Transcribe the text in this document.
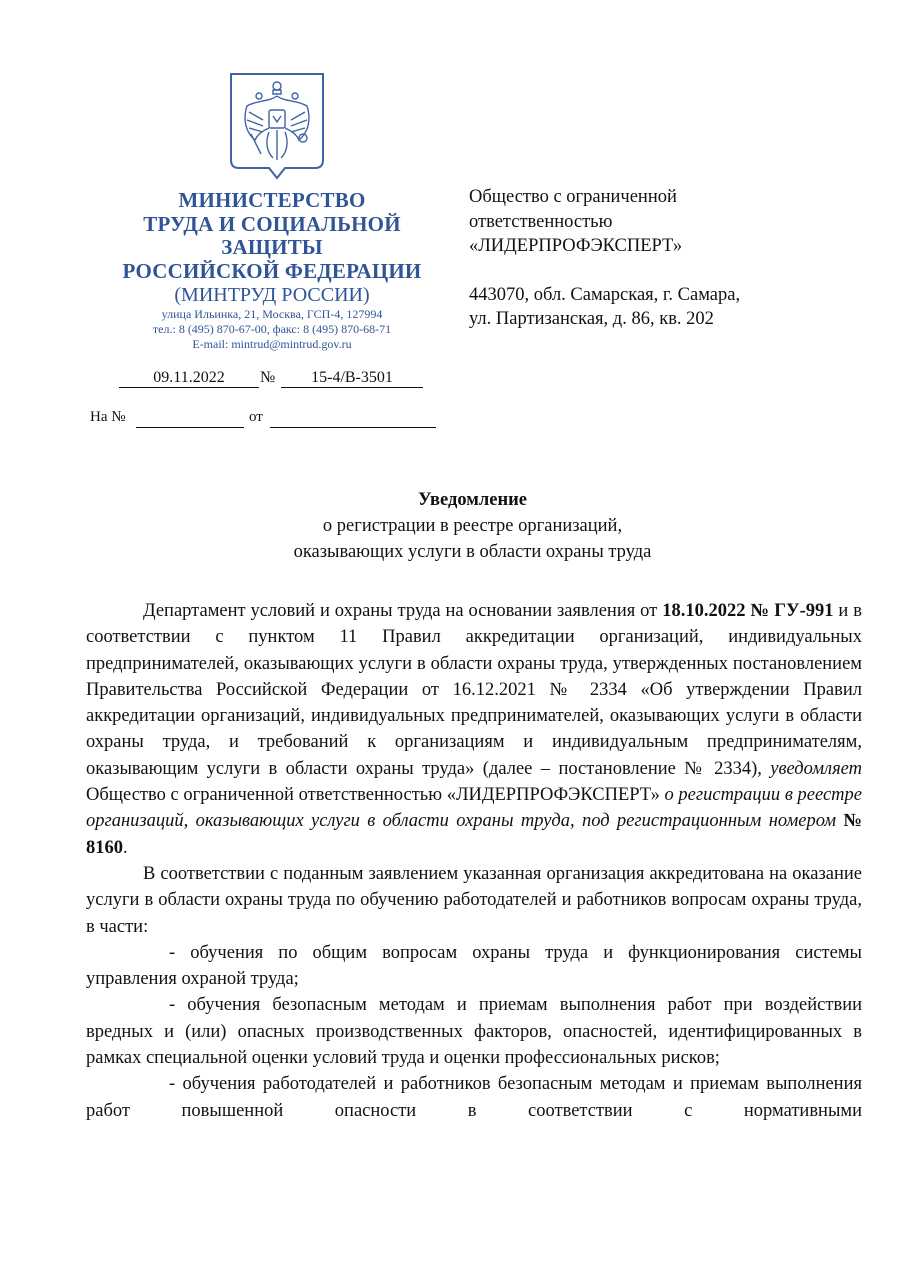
МИНИСТЕРСТВО
ТРУДА И СОЦИАЛЬНОЙ
ЗАЩИТЫ
РОССИЙСКОЙ ФЕДЕРАЦИИ
(МИНТРУД РОССИИ)
улица Ильинка, 21, Москва, ГСП-4, 127994
тел.: 8 (495) 870-67-00, факс: 8 (495) 870-68-71
E-mail: mintrud@mintrud.gov.ru
09.11.2022	№	15-4/В-3501
На №	от
Общество с ограниченной
ответственностью
«ЛИДЕРПРОФЭКСПЕРТ»
443070, обл. Самарская, г. Самара,
ул. Партизанская, д. 86, кв. 202
Уведомление
о регистрации в реестре организаций,
оказывающих услуги в области охраны труда

Департамент условий и охраны труда на основании заявления от 18.10.2022 № ГУ-991 и в соответствии с пунктом 11 Правил аккредитации организаций, индивидуальных предпринимателей, оказывающих услуги в области охраны труда, утвержденных постановлением Правительства Российской Федерации от 16.12.2021 № 2334 «Об утверждении Правил аккредитации организаций, индивидуальных предпринимателей, оказывающих услуги в области охраны труда, и требований к организациям и индивидуальным предпринимателям, оказывающим услуги в области охраны труда» (далее – постановление № 2334), уведомляет Общество с ограниченной ответственностью «ЛИДЕРПРОФЭКСПЕРТ» о регистрации в реестре организаций, оказывающих услуги в области охраны труда, под регистрационным номером № 8160.

В соответствии с поданным заявлением указанная организация аккредитована на оказание услуги в области охраны труда по обучению работодателей и работников вопросам охраны труда, в части:

- обучения по общим вопросам охраны труда и функционирования системы управления охраной труда;

- обучения безопасным методам и приемам выполнения работ при воздействии вредных и (или) опасных производственных факторов, опасностей, идентифицированных в рамках специальной оценки условий труда и оценки профессиональных рисков;

- обучения работодателей и работников безопасным методам и приемам выполнения работ повышенной опасности в соответствии с нормативными
